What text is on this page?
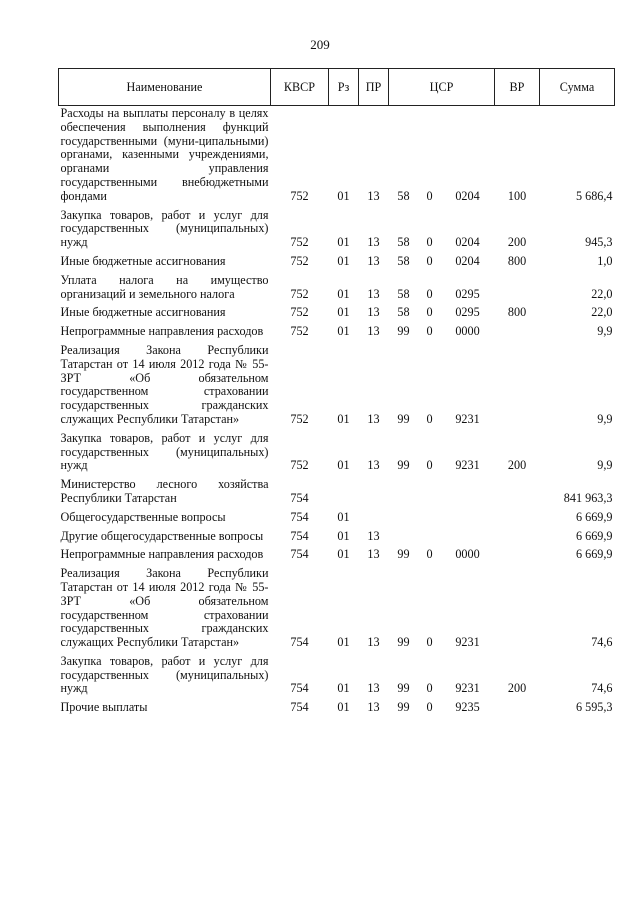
209
Наименование	КВСР	Рз	ПР	ЦСР			ВР	Сумма
Расходы на выплаты персоналу в целях обеспечения выполнения функций государственными (муни-ципальными) органами, казенными учреждениями, органами управления государственными внебюджетными фондами	752	01	13	58	0	0204	100	5 686,4
Закупка товаров, работ и услуг для государственных (муниципальных) нужд	752	01	13	58	0	0204	200	945,3
Иные бюджетные ассигнования	752	01	13	58	0	0204	800	1,0
Уплата налога на имущество организаций и земельного налога	752	01	13	58	0	0295		22,0
Иные бюджетные ассигнования	752	01	13	58	0	0295	800	22,0
Непрограммные направления расходов	752	01	13	99	0	0000		9,9
Реализация Закона Республики Татарстан от 14 июля 2012 года № 55-ЗРТ «Об обязательном государственном страховании государственных гражданских служащих Республики Татарстан»	752	01	13	99	0	9231		9,9
Закупка товаров, работ и услуг для государственных (муниципальных) нужд	752	01	13	99	0	9231	200	9,9
Министерство лесного хозяйства Республики Татарстан	754							841 963,3
Общегосударственные вопросы	754	01						6 669,9
Другие общегосударственные вопросы	754	01	13					6 669,9
Непрограммные направления расходов	754	01	13	99	0	0000		6 669,9
Реализация Закона Республики Татарстан от 14 июля 2012 года № 55-ЗРТ «Об обязательном государственном страховании государственных гражданских служащих Республики Татарстан»	754	01	13	99	0	9231		74,6
Закупка товаров, работ и услуг для государственных (муниципальных) нужд	754	01	13	99	0	9231	200	74,6
Прочие выплаты	754	01	13	99	0	9235		6 595,3
